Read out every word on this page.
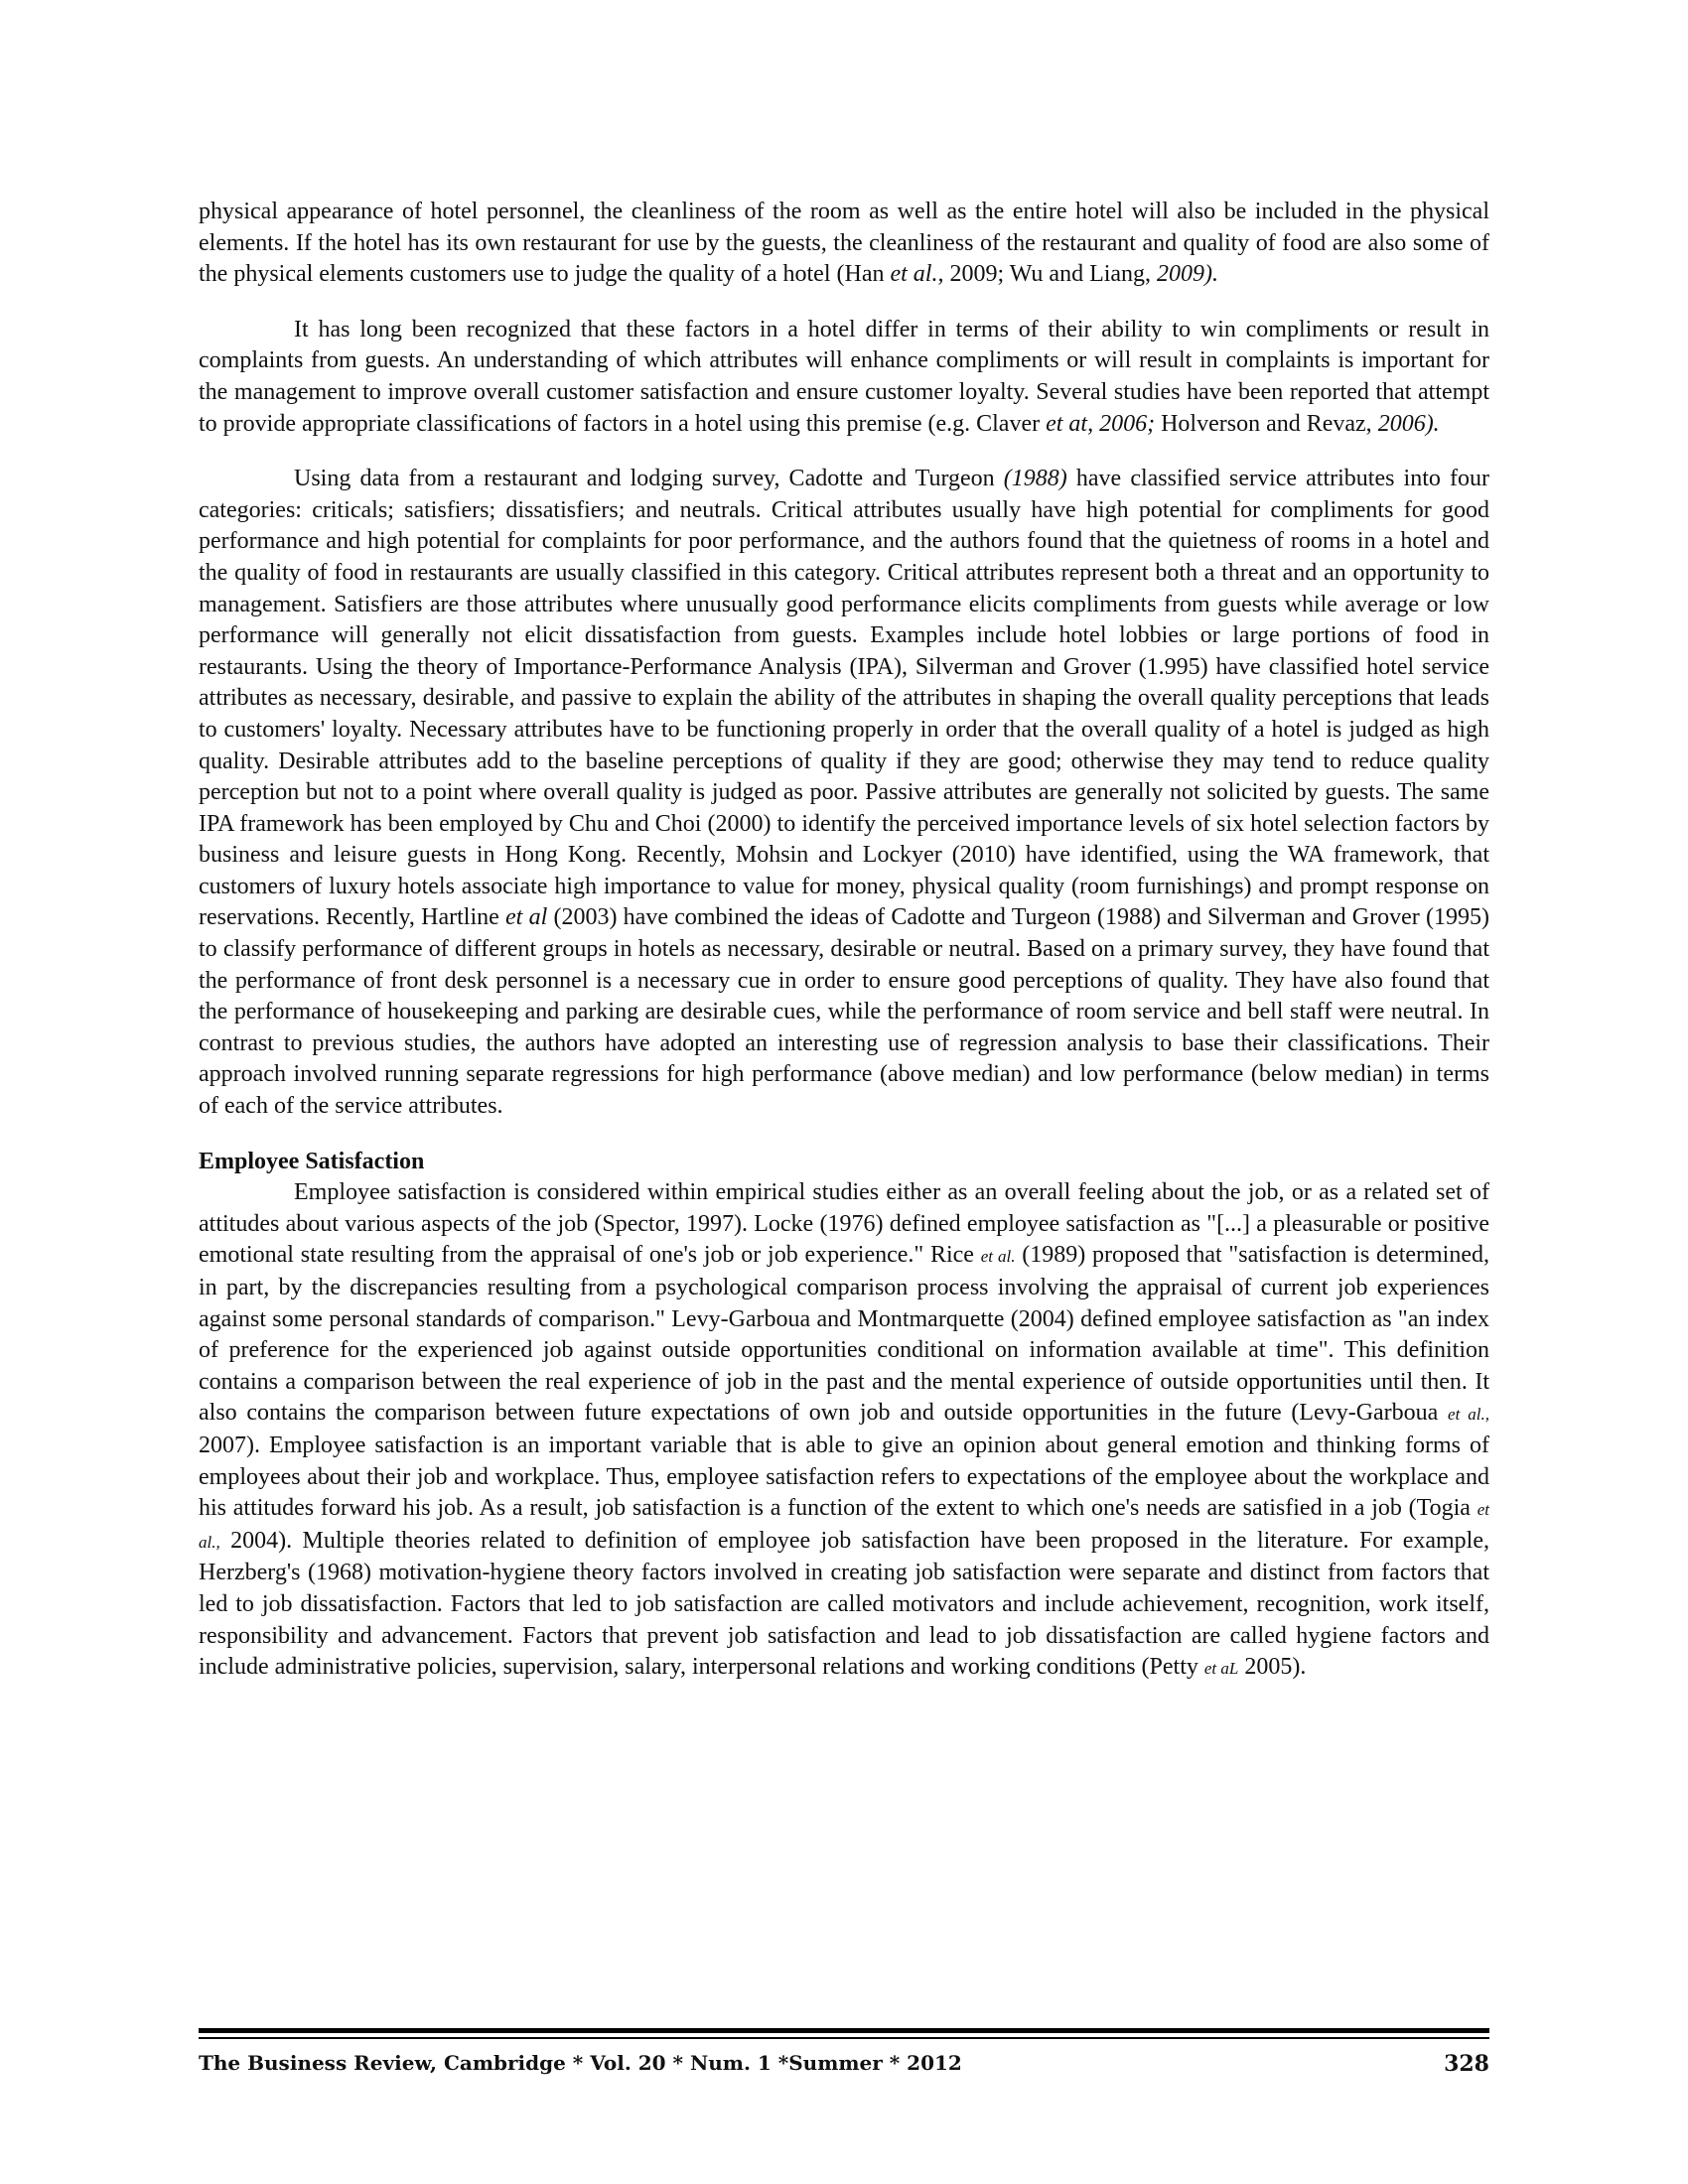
physical appearance of hotel personnel, the cleanliness of the room as well as the entire hotel will also be included in the physical elements. If the hotel has its own restaurant for use by the guests, the cleanliness of the restaurant and quality of food are also some of the physical elements customers use to judge the quality of a hotel (Han et al., 2009; Wu and Liang, 2009).

It has long been recognized that these factors in a hotel differ in terms of their ability to win compliments or result in complaints from guests. An understanding of which attributes will enhance compliments or will result in complaints is important for the management to improve overall customer satisfaction and ensure customer loyalty. Several studies have been reported that attempt to provide appropriate classifications of factors in a hotel using this premise (e.g. Claver et at, 2006; Holverson and Revaz, 2006).

Using data from a restaurant and lodging survey, Cadotte and Turgeon (1988) have classified service attributes into four categories: criticals; satisfiers; dissatisfiers; and neutrals. Critical attributes usually have high potential for compliments for good performance and high potential for complaints for poor performance, and the authors found that the quietness of rooms in a hotel and the quality of food in restaurants are usually classified in this category. Critical attributes represent both a threat and an opportunity to management. Satisfiers are those attributes where unusually good performance elicits compliments from guests while average or low performance will generally not elicit dissatisfaction from guests. Examples include hotel lobbies or large portions of food in restaurants. Using the theory of Importance-Performance Analysis (IPA), Silverman and Grover (1.995) have classified hotel service attributes as necessary, desirable, and passive to explain the ability of the attributes in shaping the overall quality perceptions that leads to customers' loyalty. Necessary attributes have to be functioning properly in order that the overall quality of a hotel is judged as high quality. Desirable attributes add to the baseline perceptions of quality if they are good; otherwise they may tend to reduce quality perception but not to a point where overall quality is judged as poor. Passive attributes are generally not solicited by guests. The same IPA framework has been employed by Chu and Choi (2000) to identify the perceived importance levels of six hotel selection factors by business and leisure guests in Hong Kong. Recently, Mohsin and Lockyer (2010) have identified, using the WA framework, that customers of luxury hotels associate high importance to value for money, physical quality (room furnishings) and prompt response on reservations. Recently, Hartline et al (2003) have combined the ideas of Cadotte and Turgeon (1988) and Silverman and Grover (1995) to classify performance of different groups in hotels as necessary, desirable or neutral. Based on a primary survey, they have found that the performance of front desk personnel is a necessary cue in order to ensure good perceptions of quality. They have also found that the performance of housekeeping and parking are desirable cues, while the performance of room service and bell staff were neutral. In contrast to previous studies, the authors have adopted an interesting use of regression analysis to base their classifications. Their approach involved running separate regressions for high performance (above median) and low performance (below median) in terms of each of the service attributes.

Employee Satisfaction

Employee satisfaction is considered within empirical studies either as an overall feeling about the job, or as a related set of attitudes about various aspects of the job (Spector, 1997). Locke (1976) defined employee satisfaction as "[...] a pleasurable or positive emotional state resulting from the appraisal of one's job or job experience." Rice et al. (1989) proposed that "satisfaction is determined, in part, by the discrepancies resulting from a psychological comparison process involving the appraisal of current job experiences against some personal standards of comparison." Levy-Garboua and Montmarquette (2004) defined employee satisfaction as "an index of preference for the experienced job against outside opportunities conditional on information available at time". This definition contains a comparison between the real experience of job in the past and the mental experience of outside opportunities until then. It also contains the comparison between future expectations of own job and outside opportunities in the future (Levy-Garboua et al., 2007). Employee satisfaction is an important variable that is able to give an opinion about general emotion and thinking forms of employees about their job and workplace. Thus, employee satisfaction refers to expectations of the employee about the workplace and his attitudes forward his job. As a result, job satisfaction is a function of the extent to which one's needs are satisfied in a job (Togia et al., 2004). Multiple theories related to definition of employee job satisfaction have been proposed in the literature. For example, Herzberg's (1968) motivation-hygiene theory factors involved in creating job satisfaction were separate and distinct from factors that led to job dissatisfaction. Factors that led to job satisfaction are called motivators and include achievement, recognition, work itself, responsibility and advancement. Factors that prevent job satisfaction and lead to job dissatisfaction are called hygiene factors and include administrative policies, supervision, salary, interpersonal relations and working conditions (Petty et aL 2005).

The Business Review, Cambridge * Vol. 20 * Num. 1 *Summer * 2012	328
